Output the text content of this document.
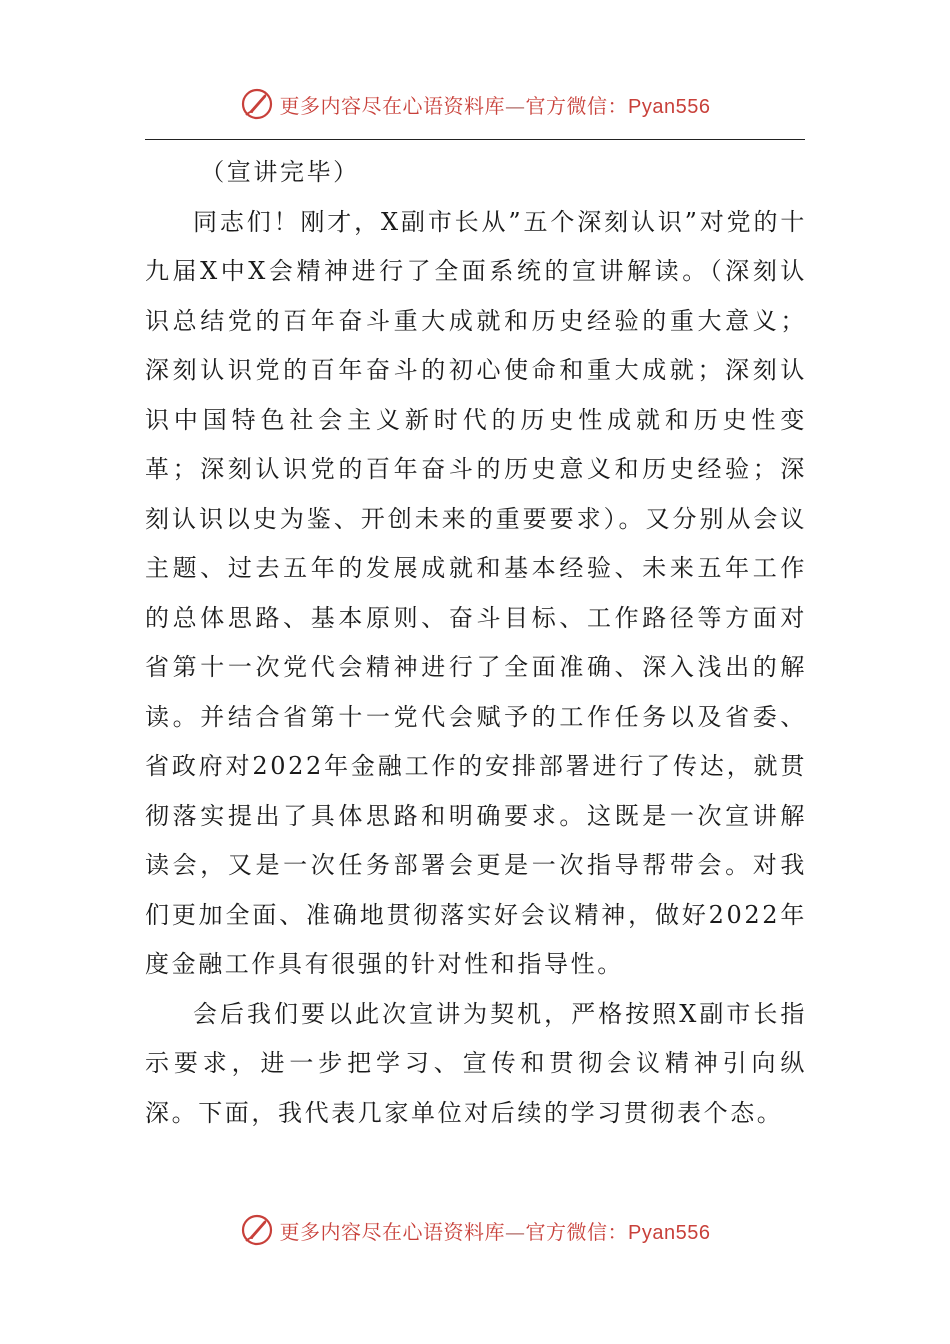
更多内容尽在心语资料库—官方微信：Pyan556

（宣讲完毕）

同志们！刚才，X副市长从”五个深刻认识”对党的十九届X中X会精神进行了全面系统的宣讲解读。（深刻认识总结党的百年奋斗重大成就和历史经验的重大意义；深刻认识党的百年奋斗的初心使命和重大成就；深刻认识中国特色社会主义新时代的历史性成就和历史性变革；深刻认识党的百年奋斗的历史意义和历史经验；深刻认识以史为鉴、开创未来的重要要求）。又分别从会议主题、过去五年的发展成就和基本经验、未来五年工作的总体思路、基本原则、奋斗目标、工作路径等方面对省第十一次党代会精神进行了全面准确、深入浅出的解读。并结合省第十一党代会赋予的工作任务以及省委、省政府对2022年金融工作的安排部署进行了传达，就贯彻落实提出了具体思路和明确要求。这既是一次宣讲解读会，又是一次任务部署会更是一次指导帮带会。对我们更加全面、准确地贯彻落实好会议精神，做好2022年度金融工作具有很强的针对性和指导性。

会后我们要以此次宣讲为契机，严格按照X副市长指示要求，进一步把学习、宣传和贯彻会议精神引向纵深。下面，我代表几家单位对后续的学习贯彻表个态。

更多内容尽在心语资料库—官方微信：Pyan556
